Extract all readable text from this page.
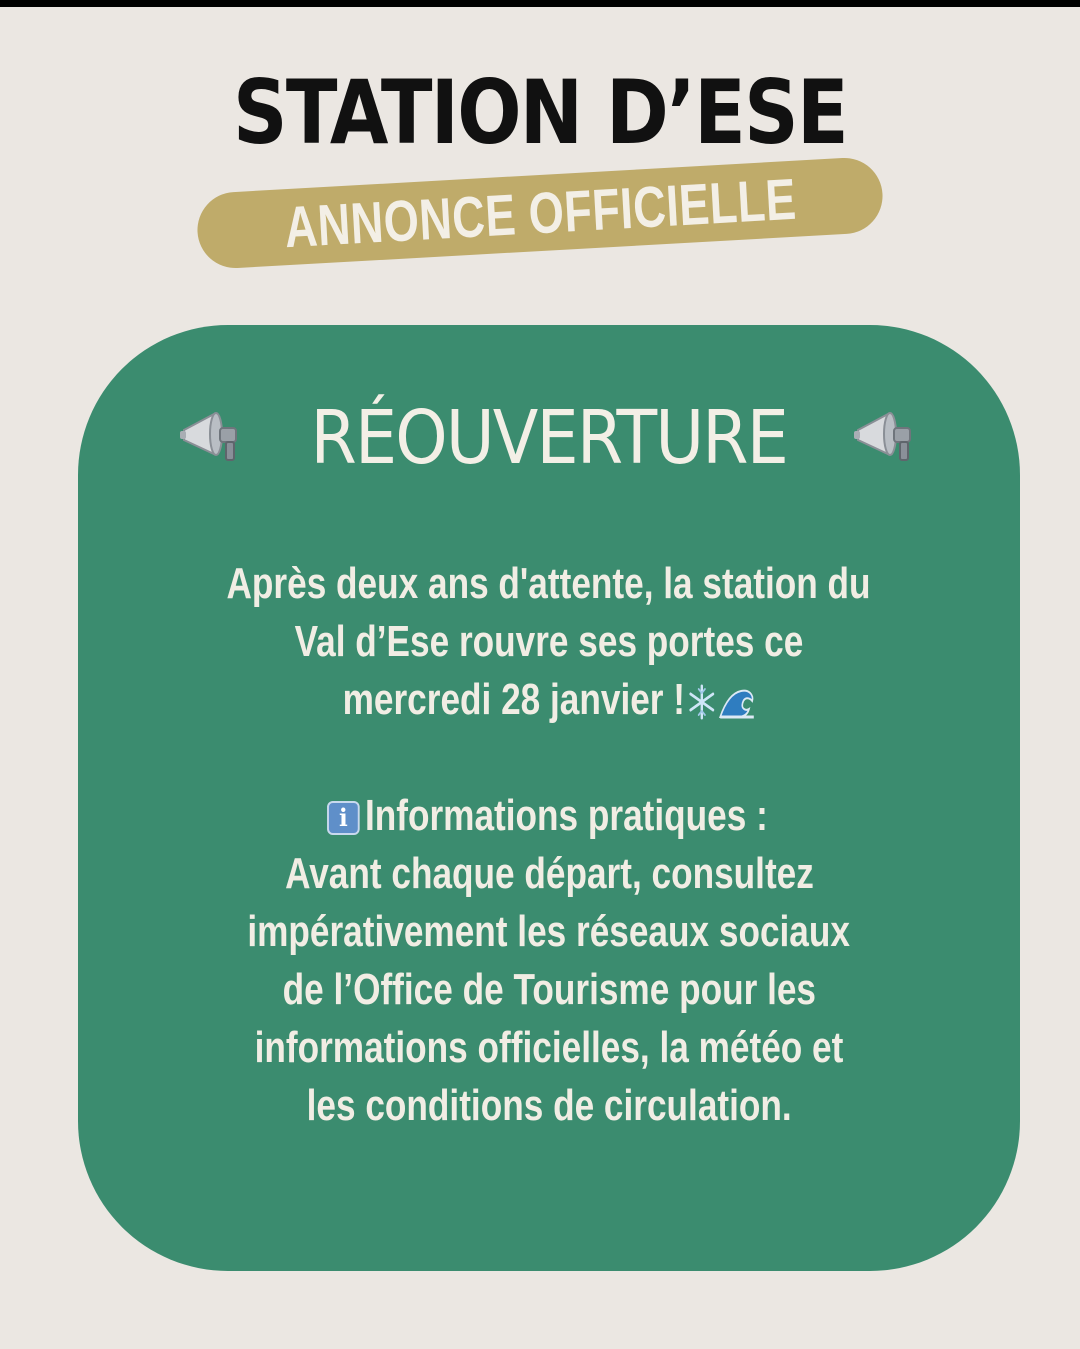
STATION D’ESE
ANNONCE OFFICIELLE
RÉOUVERTURE
Après deux ans d'attente, la station du
Val d’Ese rouvre ses portes ce
mercredi 28 janvier !
i Informations pratiques :
Avant chaque départ, consultez
impérativement les réseaux sociaux
de l’Office de Tourisme pour les
informations officielles, la météo et
les conditions de circulation.
